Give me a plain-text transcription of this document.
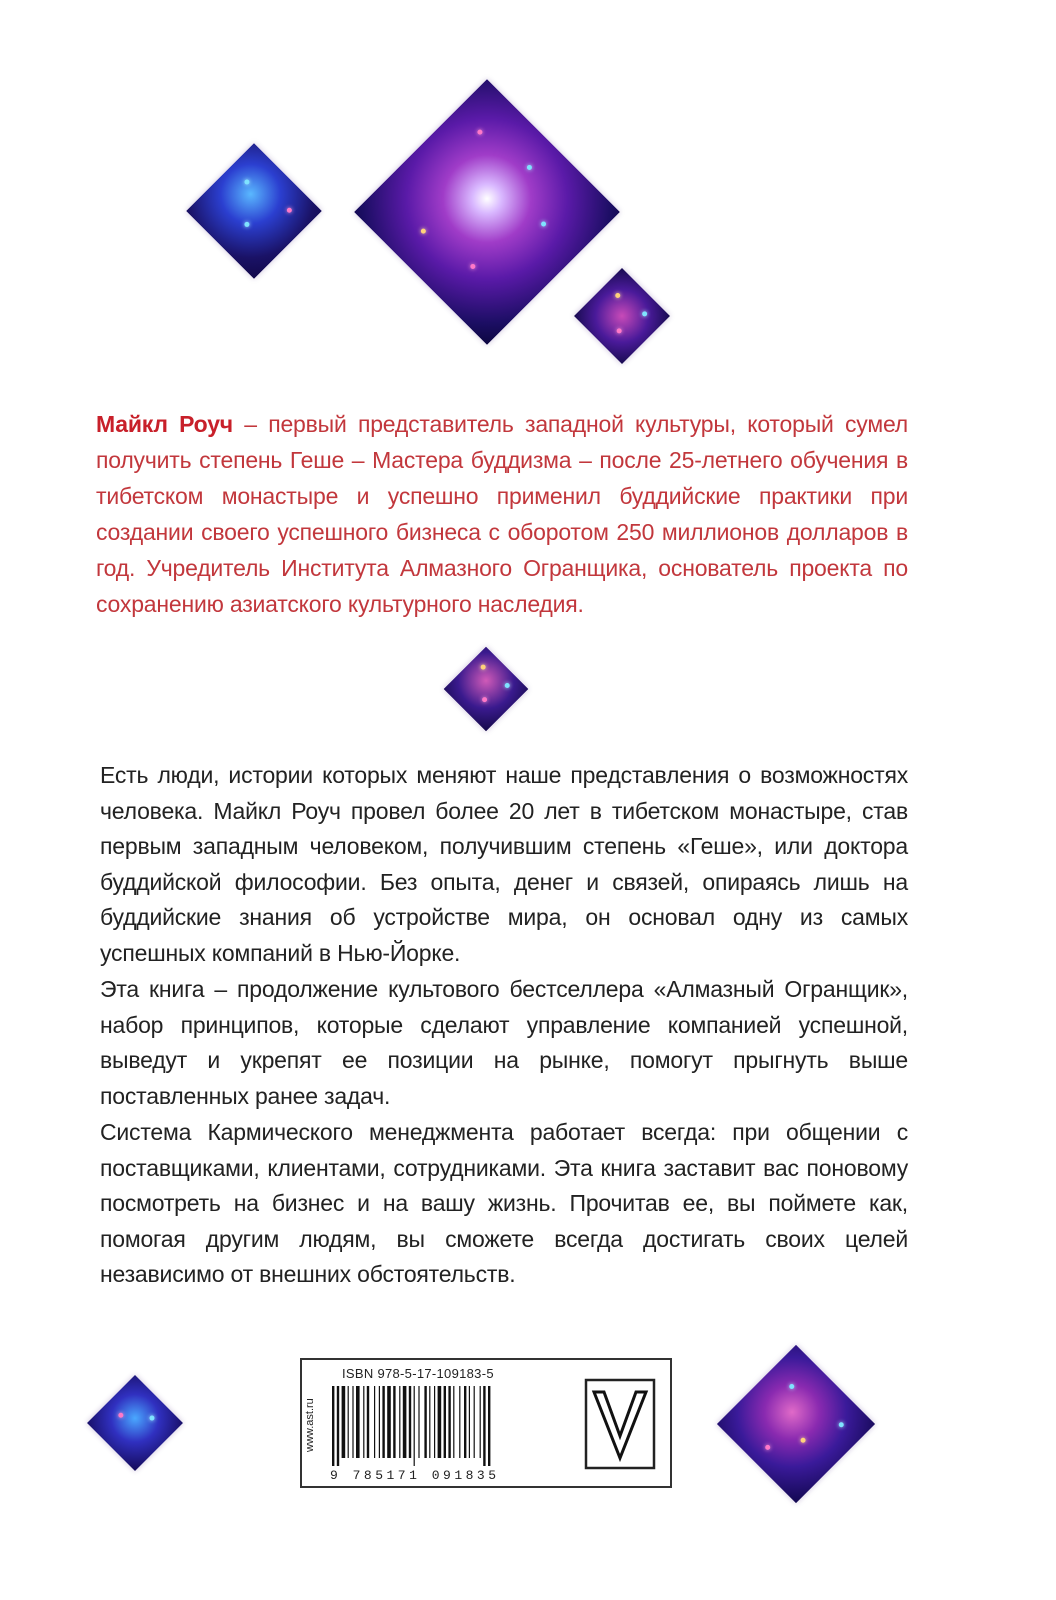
Майкл Роуч – первый представитель западной культуры, который сумел получить степень Геше – Мастера буддизма – после 25-летнего обучения в тибетском монастыре и успешно применил буддийские практики при создании своего успешного бизнеса с оборотом 250 миллионов долларов в год. Учредитель Института Алмазного Огранщика, основатель проекта по сохранению азиатского культурного наследия.

Есть люди, истории которых меняют наше представления о возможностях человека. Майкл Роуч провел более 20 лет в тибетском монастыре, став первым западным человеком, получившим степень «Геше», или доктора буддийской философии. Без опыта, денег и связей, опираясь лишь на буддийские знания об устройстве мира, он основал одну из самых успешных компаний в Нью-Йорке.

Эта книга – продолжение культового бестселлера «Алмазный Огранщик», набор принципов, которые сделают управление компанией успешной, выведут и укрепят ее позиции на рынке, помогут прыгнуть выше поставленных ранее задач.

Система Кармического менеджмента работает всегда: при общении с поставщиками, клиентами, сотрудниками. Эта книга заставит вас поновому посмотреть на бизнес и на вашу жизнь. Прочитав ее, вы поймете как, помогая другим людям, вы сможете всегда достигать своих целей независимо от внешних обстоятельств.

www.ast.ru
ISBN 978-5-17-109183-5
9 785171 091835
